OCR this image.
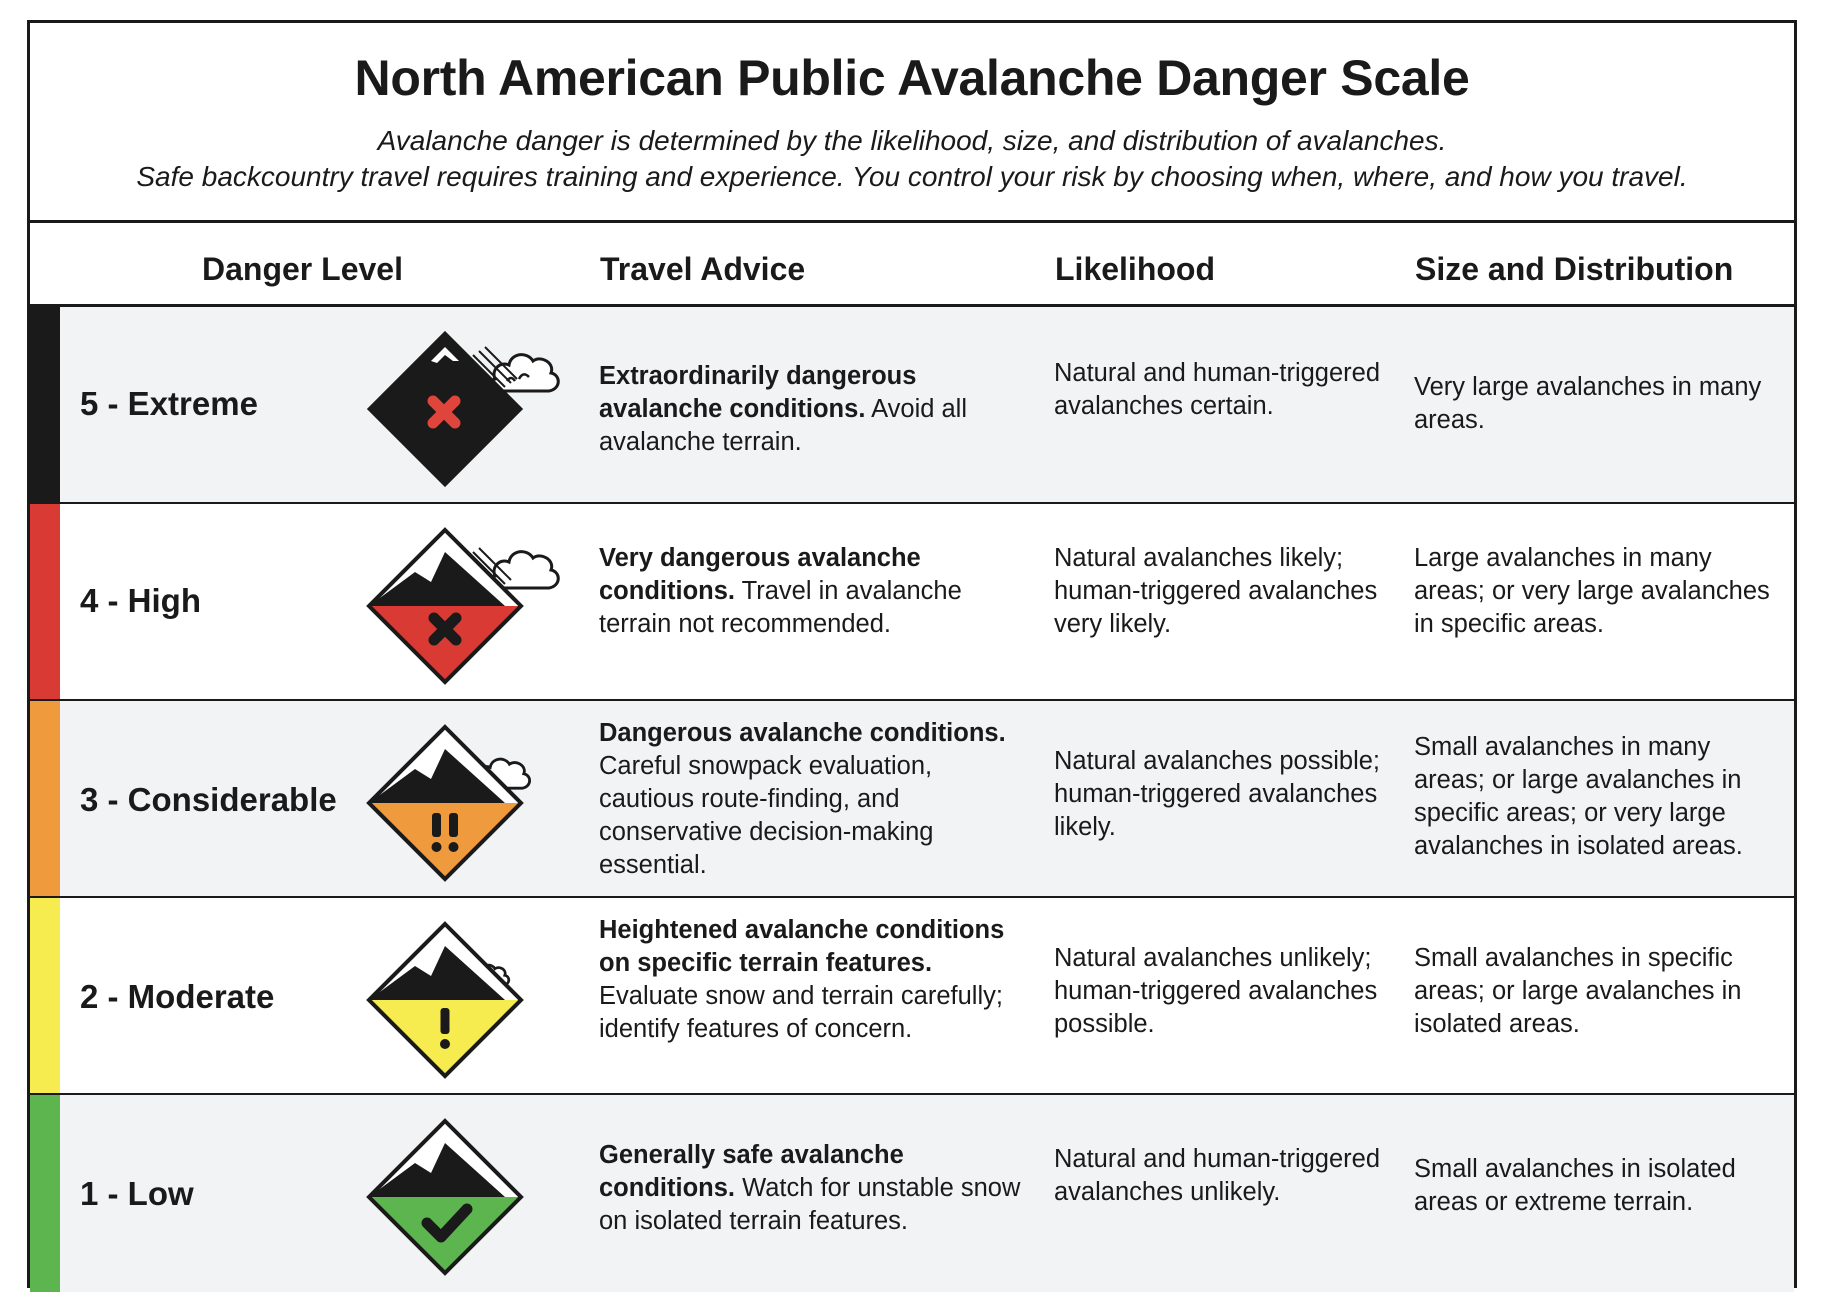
North American Public Avalanche Danger Scale
Avalanche danger is determined by the likelihood, size, and distribution of avalanches.
Safe backcountry travel requires training and experience. You control your risk by choosing when, where, and how you travel.
Danger Level	Travel Advice	Likelihood	Size and Distribution
5 - Extreme
Extraordinarily dangerous avalanche conditions. Avoid all avalanche terrain.
Natural and human-triggered avalanches certain.
Very large avalanches in many areas.
4 - High
Very dangerous avalanche conditions. Travel in avalanche terrain not recommended.
Natural avalanches likely; human-triggered avalanches very likely.
Large avalanches in many areas; or very large avalanches in specific areas.
3 - Considerable
Dangerous avalanche conditions. Careful snowpack evaluation, cautious route-finding, and conservative decision-making essential.
Natural avalanches possible; human-triggered avalanches likely.
Small avalanches in many areas; or large avalanches in specific areas; or very large avalanches in isolated areas.
2 - Moderate
Heightened avalanche conditions on specific terrain features. Evaluate snow and terrain carefully; identify features of concern.
Natural avalanches unlikely; human-triggered avalanches possible.
Small avalanches in specific areas; or large avalanches in isolated areas.
1 - Low
Generally safe avalanche conditions. Watch for unstable snow on isolated terrain features.
Natural and human-triggered avalanches unlikely.
Small avalanches in isolated areas or extreme terrain.
